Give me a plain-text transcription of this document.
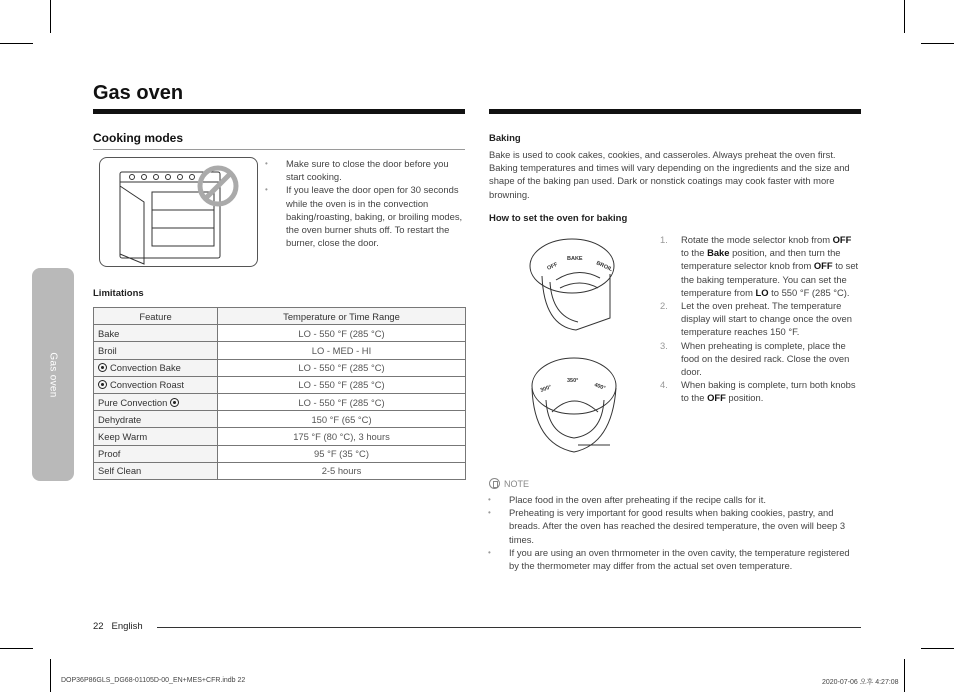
Gas oven
Gas oven
Cooking modes
• Make sure to close the door before you start cooking.
• If you leave the door open for 30 seconds while the oven is in the convection baking/roasting, baking, or broiling modes, the oven burner shuts off. To restart the burner, close the door.
Limitations
Feature	Temperature or Time Range
Bake	LO - 550 °F (285 °C)
Broil	LO - MED - HI
Convection Bake	LO - 550 °F (285 °C)
Convection Roast	LO - 550 °F (285 °C)
Pure Convection	LO - 550 °F (285 °C)
Dehydrate	150 °F (65 °C)
Keep Warm	175 °F (80 °C), 3 hours
Proof	95 °F (35 °C)
Self Clean	2-5 hours
Baking

Bake is used to cook cakes, cookies, and casseroles. Always preheat the oven first. Baking temperatures and times will vary depending on the ingredients and the size and shape of the baking pan used. Dark or nonstick coatings may cook faster with more browning.

How to set the oven for baking
OFF
BAKE
BROIL
300°
350°
400°
1. Rotate the mode selector knob from OFF to the Bake position, and then turn the temperature selector knob from OFF to set the baking temperature. You can set the temperature from LO to 550 °F (285 °C).
2. Let the oven preheat. The temperature display will start to change once the oven temperature reaches 150 °F.
3. When preheating is complete, place the food on the desired rack. Close the oven door.
4. When baking is complete, turn both knobs to the OFF position.
NOTE
• Place food in the oven after preheating if the recipe calls for it.
• Preheating is very important for good results when baking cookies, pastry, and breads. After the oven has reached the desired temperature, the oven will beep 3 times.
• If you are using an oven thrmometer in the oven cavity, the temperature registered by the thermometer may differ from the actual set oven temperature.
22 English
DOP36P86GLS_DG68-01105D-00_EN+MES+CFR.indb 22	2020-07-06 오후 4:27:08
